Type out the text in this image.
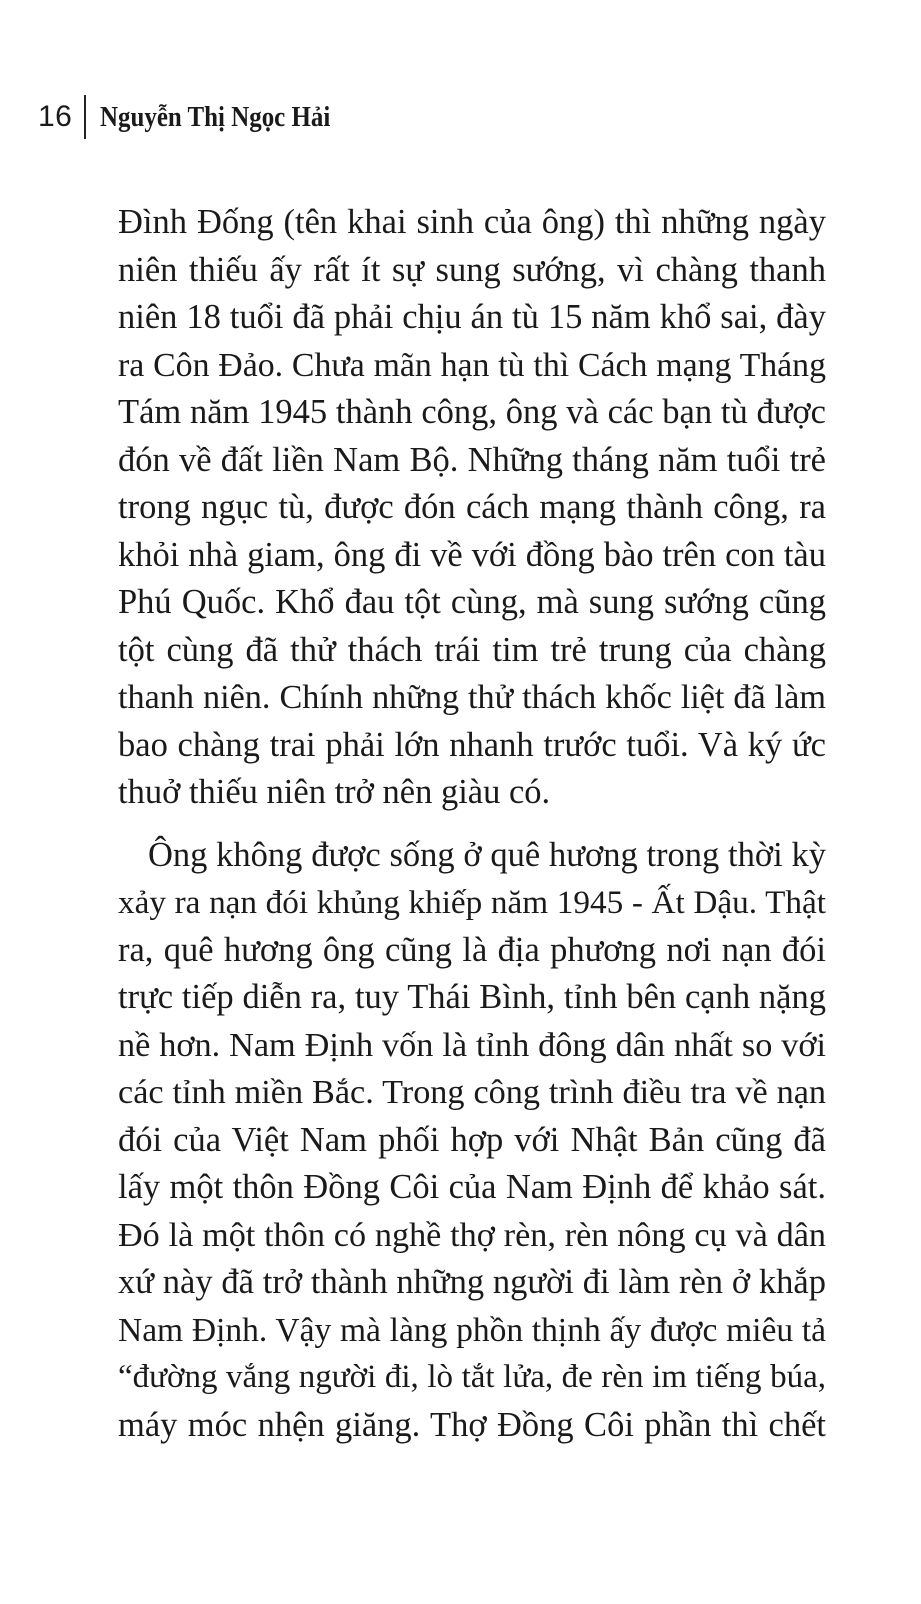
16 Nguyễn Thị Ngọc Hải
Đình Đống (tên khai sinh của ông) thì những ngày
niên thiếu ấy rất ít sự sung sướng, vì chàng thanh
niên 18 tuổi đã phải chịu án tù 15 năm khổ sai, đày
ra Côn Đảo. Chưa mãn hạn tù thì Cách mạng Tháng
Tám năm 1945 thành công, ông và các bạn tù được
đón về đất liền Nam Bộ. Những tháng năm tuổi trẻ
trong ngục tù, được đón cách mạng thành công, ra
khỏi nhà giam, ông đi về với đồng bào trên con tàu
Phú Quốc. Khổ đau tột cùng, mà sung sướng cũng
tột cùng đã thử thách trái tim trẻ trung của chàng
thanh niên. Chính những thử thách khốc liệt đã làm
bao chàng trai phải lớn nhanh trước tuổi. Và ký ức
thuở thiếu niên trở nên giàu có.
Ông không được sống ở quê hương trong thời kỳ
xảy ra nạn đói khủng khiếp năm 1945 - Ất Dậu. Thật
ra, quê hương ông cũng là địa phương nơi nạn đói
trực tiếp diễn ra, tuy Thái Bình, tỉnh bên cạnh nặng
nề hơn. Nam Định vốn là tỉnh đông dân nhất so với
các tỉnh miền Bắc. Trong công trình điều tra về nạn
đói của Việt Nam phối hợp với Nhật Bản cũng đã
lấy một thôn Đồng Côi của Nam Định để khảo sát.
Đó là một thôn có nghề thợ rèn, rèn nông cụ và dân
xứ này đã trở thành những người đi làm rèn ở khắp
Nam Định. Vậy mà làng phồn thịnh ấy được miêu tả
“đường vắng người đi, lò tắt lửa, đe rèn im tiếng búa,
máy móc nhện giăng. Thợ Đồng Côi phần thì chết
